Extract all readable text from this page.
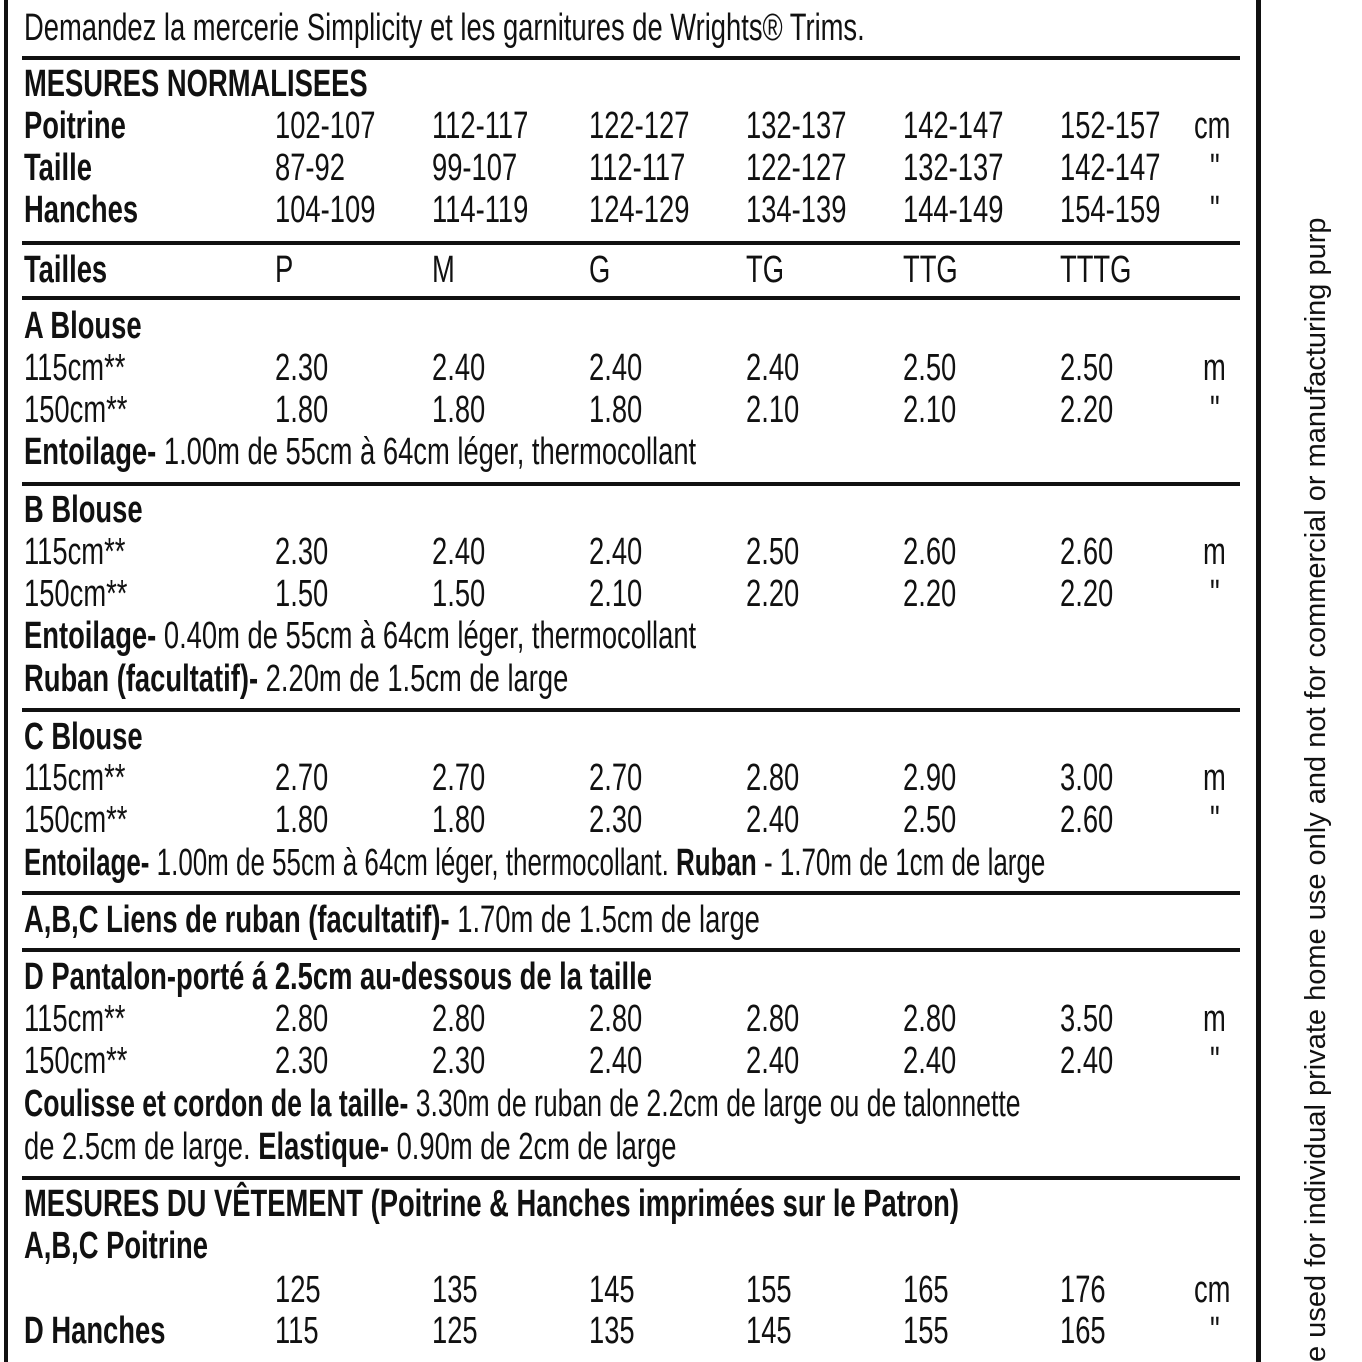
Demandez la mercerie Simplicity et les garnitures de Wrights® Trims.
MESURES NORMALISEES
Poitrine	102-107 112-117 122-127 132-137 142-147 152-157 cm
Taille	87-92 99-107 112-117 122-127 132-137 142-147 "
Hanches	104-109 114-119 124-129 134-139 144-149 154-159 "
Tailles	P	M	G	TG	TTG	TTTG
A Blouse
115cm**	2.30	2.40	2.40	2.40	2.50	2.50 m
150cm**	1.80	1.80	1.80	2.10	2.10	2.20	"
Entoilage- 1.00m de 55cm à 64cm léger, thermocollant
B Blouse
115cm**	2.30	2.40	2.40	2.50	2.60	2.60 m
150cm**	1.50	1.50	2.10	2.20	2.20	2.20	"
Entoilage- 0.40m de 55cm à 64cm léger, thermocollant
Ruban (facultatif)- 2.20m de 1.5cm de large
C Blouse
115cm**	2.70	2.70	2.70	2.80	2.90	3.00 m
150cm**	1.80	1.80	2.30	2.40	2.50	2.60	"
Entoilage- 1.00m de 55cm à 64cm léger, thermocollant. Ruban - 1.70m de 1cm de large
A,B,C Liens de ruban (facultatif)- 1.70m de 1.5cm de large
D Pantalon-porté á 2.5cm au-dessous de la taille
115cm**	2.80	2.80	2.80	2.80	2.80	3.50 m
150cm**	2.30	2.30	2.40	2.40	2.40	2.40	"
Coulisse et cordon de la taille- 3.30m de ruban de 2.2cm de large ou de talonnette
de 2.5cm de large. Elastique- 0.90m de 2cm de large
MESURES DU VÊTEMENT (Poitrine & Hanches imprimées sur le Patron)
A,B,C Poitrine
125	135	145	155	165	176 cm
D Hanches	115	125	135	145	155	165	"	e used for individual private home use only and not for commercial or manufacturing purp
